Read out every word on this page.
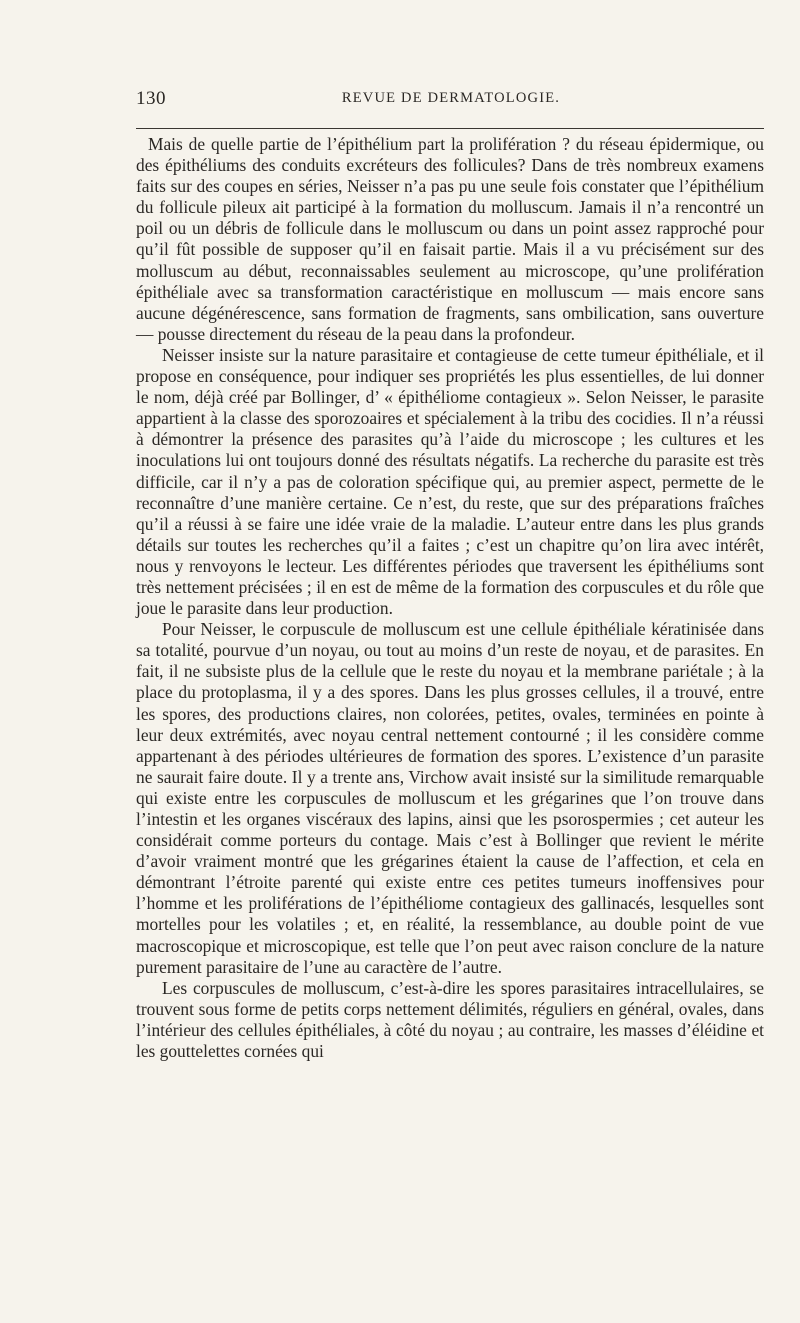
130	REVUE DE DERMATOLOGIE.

Mais de quelle partie de l’épithélium part la prolifération ? du réseau épidermique, ou des épithéliums des conduits excréteurs des follicules? Dans de très nombreux examens faits sur des coupes en séries, Neisser n’a pas pu une seule fois constater que l’épithélium du follicule pileux ait participé à la formation du molluscum. Jamais il n’a rencontré un poil ou un débris de follicule dans le molluscum ou dans un point assez rapproché pour qu’il fût possible de supposer qu’il en faisait partie. Mais il a vu précisément sur des molluscum au début, reconnaissables seulement au microscope, qu’une prolifération épithéliale avec sa transformation caractéristique en molluscum — mais encore sans aucune dégénérescence, sans formation de fragments, sans ombilication, sans ouverture — pousse directement du réseau de la peau dans la profondeur.

Neisser insiste sur la nature parasitaire et contagieuse de cette tumeur épithéliale, et il propose en conséquence, pour indiquer ses propriétés les plus essentielles, de lui donner le nom, déjà créé par Bollinger, d’ « épithéliome contagieux ». Selon Neisser, le parasite appartient à la classe des sporozoaires et spécialement à la tribu des cocidies. Il n’a réussi à démontrer la présence des parasites qu’à l’aide du microscope ; les cultures et les inoculations lui ont toujours donné des résultats négatifs. La recherche du parasite est très difficile, car il n’y a pas de coloration spécifique qui, au premier aspect, permette de le reconnaître d’une manière certaine. Ce n’est, du reste, que sur des préparations fraîches qu’il a réussi à se faire une idée vraie de la maladie. L’auteur entre dans les plus grands détails sur toutes les recherches qu’il a faites ; c’est un chapitre qu’on lira avec intérêt, nous y renvoyons le lecteur. Les différentes périodes que traversent les épithéliums sont très nettement précisées ; il en est de même de la formation des corpuscules et du rôle que joue le parasite dans leur production.

Pour Neisser, le corpuscule de molluscum est une cellule épithéliale kératinisée dans sa totalité, pourvue d’un noyau, ou tout au moins d’un reste de noyau, et de parasites. En fait, il ne subsiste plus de la cellule que le reste du noyau et la membrane pariétale ; à la place du protoplasma, il y a des spores. Dans les plus grosses cellules, il a trouvé, entre les spores, des productions claires, non colorées, petites, ovales, terminées en pointe à leur deux extrémités, avec noyau central nettement contourné ; il les considère comme appartenant à des périodes ultérieures de formation des spores. L’existence d’un parasite ne saurait faire doute. Il y a trente ans, Virchow avait insisté sur la similitude remarquable qui existe entre les corpuscules de molluscum et les grégarines que l’on trouve dans l’intestin et les organes viscéraux des lapins, ainsi que les psorospermies ; cet auteur les considérait comme porteurs du contage. Mais c’est à Bollinger que revient le mérite d’avoir vraiment montré que les grégarines étaient la cause de l’affection, et cela en démontrant l’étroite parenté qui existe entre ces petites tumeurs inoffensives pour l’homme et les proliférations de l’épithéliome contagieux des gallinacés, lesquelles sont mortelles pour les volatiles ; et, en réalité, la ressemblance, au double point de vue macroscopique et microscopique, est telle que l’on peut avec raison conclure de la nature purement parasitaire de l’une au caractère de l’autre.

Les corpuscules de molluscum, c’est-à-dire les spores parasitaires intracellulaires, se trouvent sous forme de petits corps nettement délimités, réguliers en général, ovales, dans l’intérieur des cellules épithéliales, à côté du noyau ; au contraire, les masses d’éléidine et les gouttelettes cornées qui
